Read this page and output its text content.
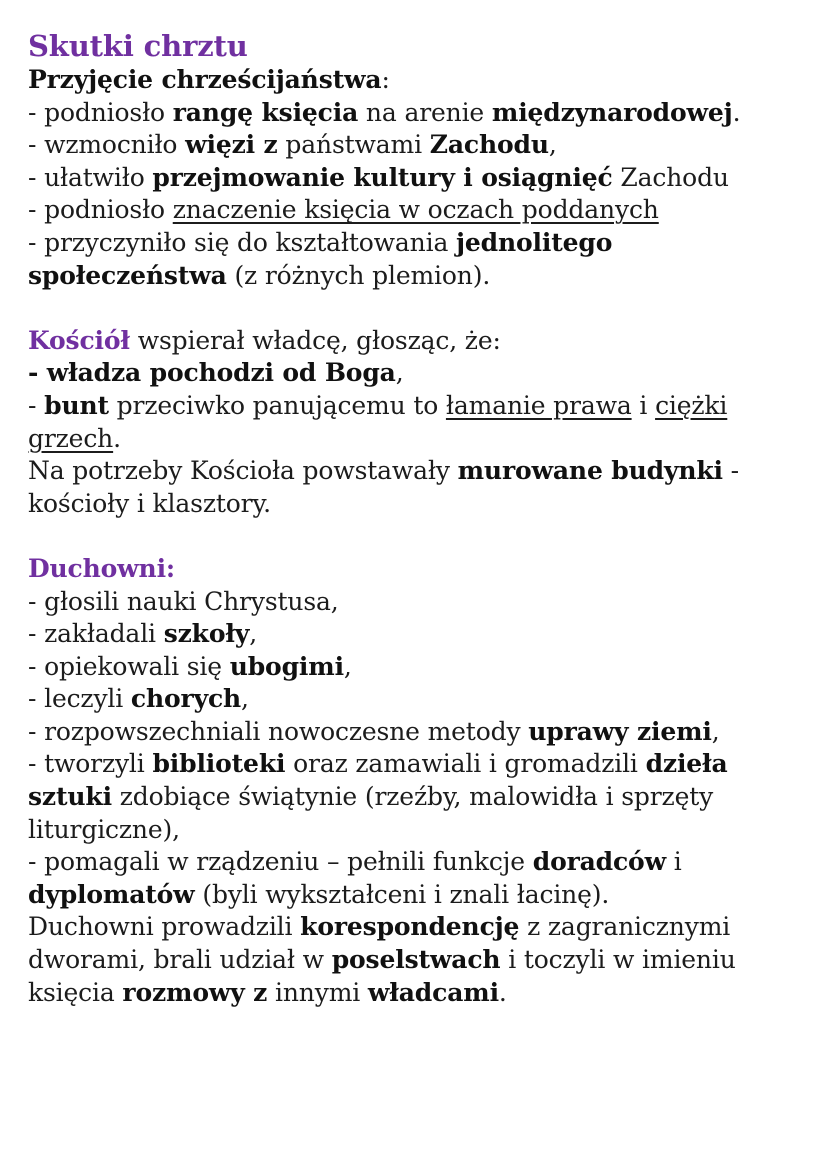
Skutki chrztu
Przyjęcie chrześcijaństwa:
- podniosło rangę księcia na arenie międzynarodowej.
- wzmocniło więzi z państwami Zachodu,
- ułatwiło przejmowanie kultury i osiągnięć Zachodu
- podniosło znaczenie księcia w oczach poddanych
- przyczyniło się do kształtowania jednolitego
społeczeństwa (z różnych plemion).
Kościół wspierał władcę, głosząc, że:
- władza pochodzi od Boga,
- bunt przeciwko panującemu to łamanie prawa i ciężki
grzech.
Na potrzeby Kościoła powstawały murowane budynki - kościoły i klasztory.
Duchowni:
- głosili nauki Chrystusa,
- zakładali szkoły,
- opiekowali się ubogimi,
- leczyli chorych,
- rozpowszechniali nowoczesne metody uprawy ziemi,
- tworzyli biblioteki oraz zamawiali i gromadzili dzieła sztuki zdobiące świątynie (rzeźby, malowidła i sprzęty liturgiczne),
- pomagali w rządzeniu – pełnili funkcje doradców i dyplomatów (byli wykształceni i znali łacinę).
Duchowni prowadzili korespondencję z zagranicznymi dworami, brali udział w poselstwach i toczyli w imieniu księcia rozmowy z innymi władcami.
